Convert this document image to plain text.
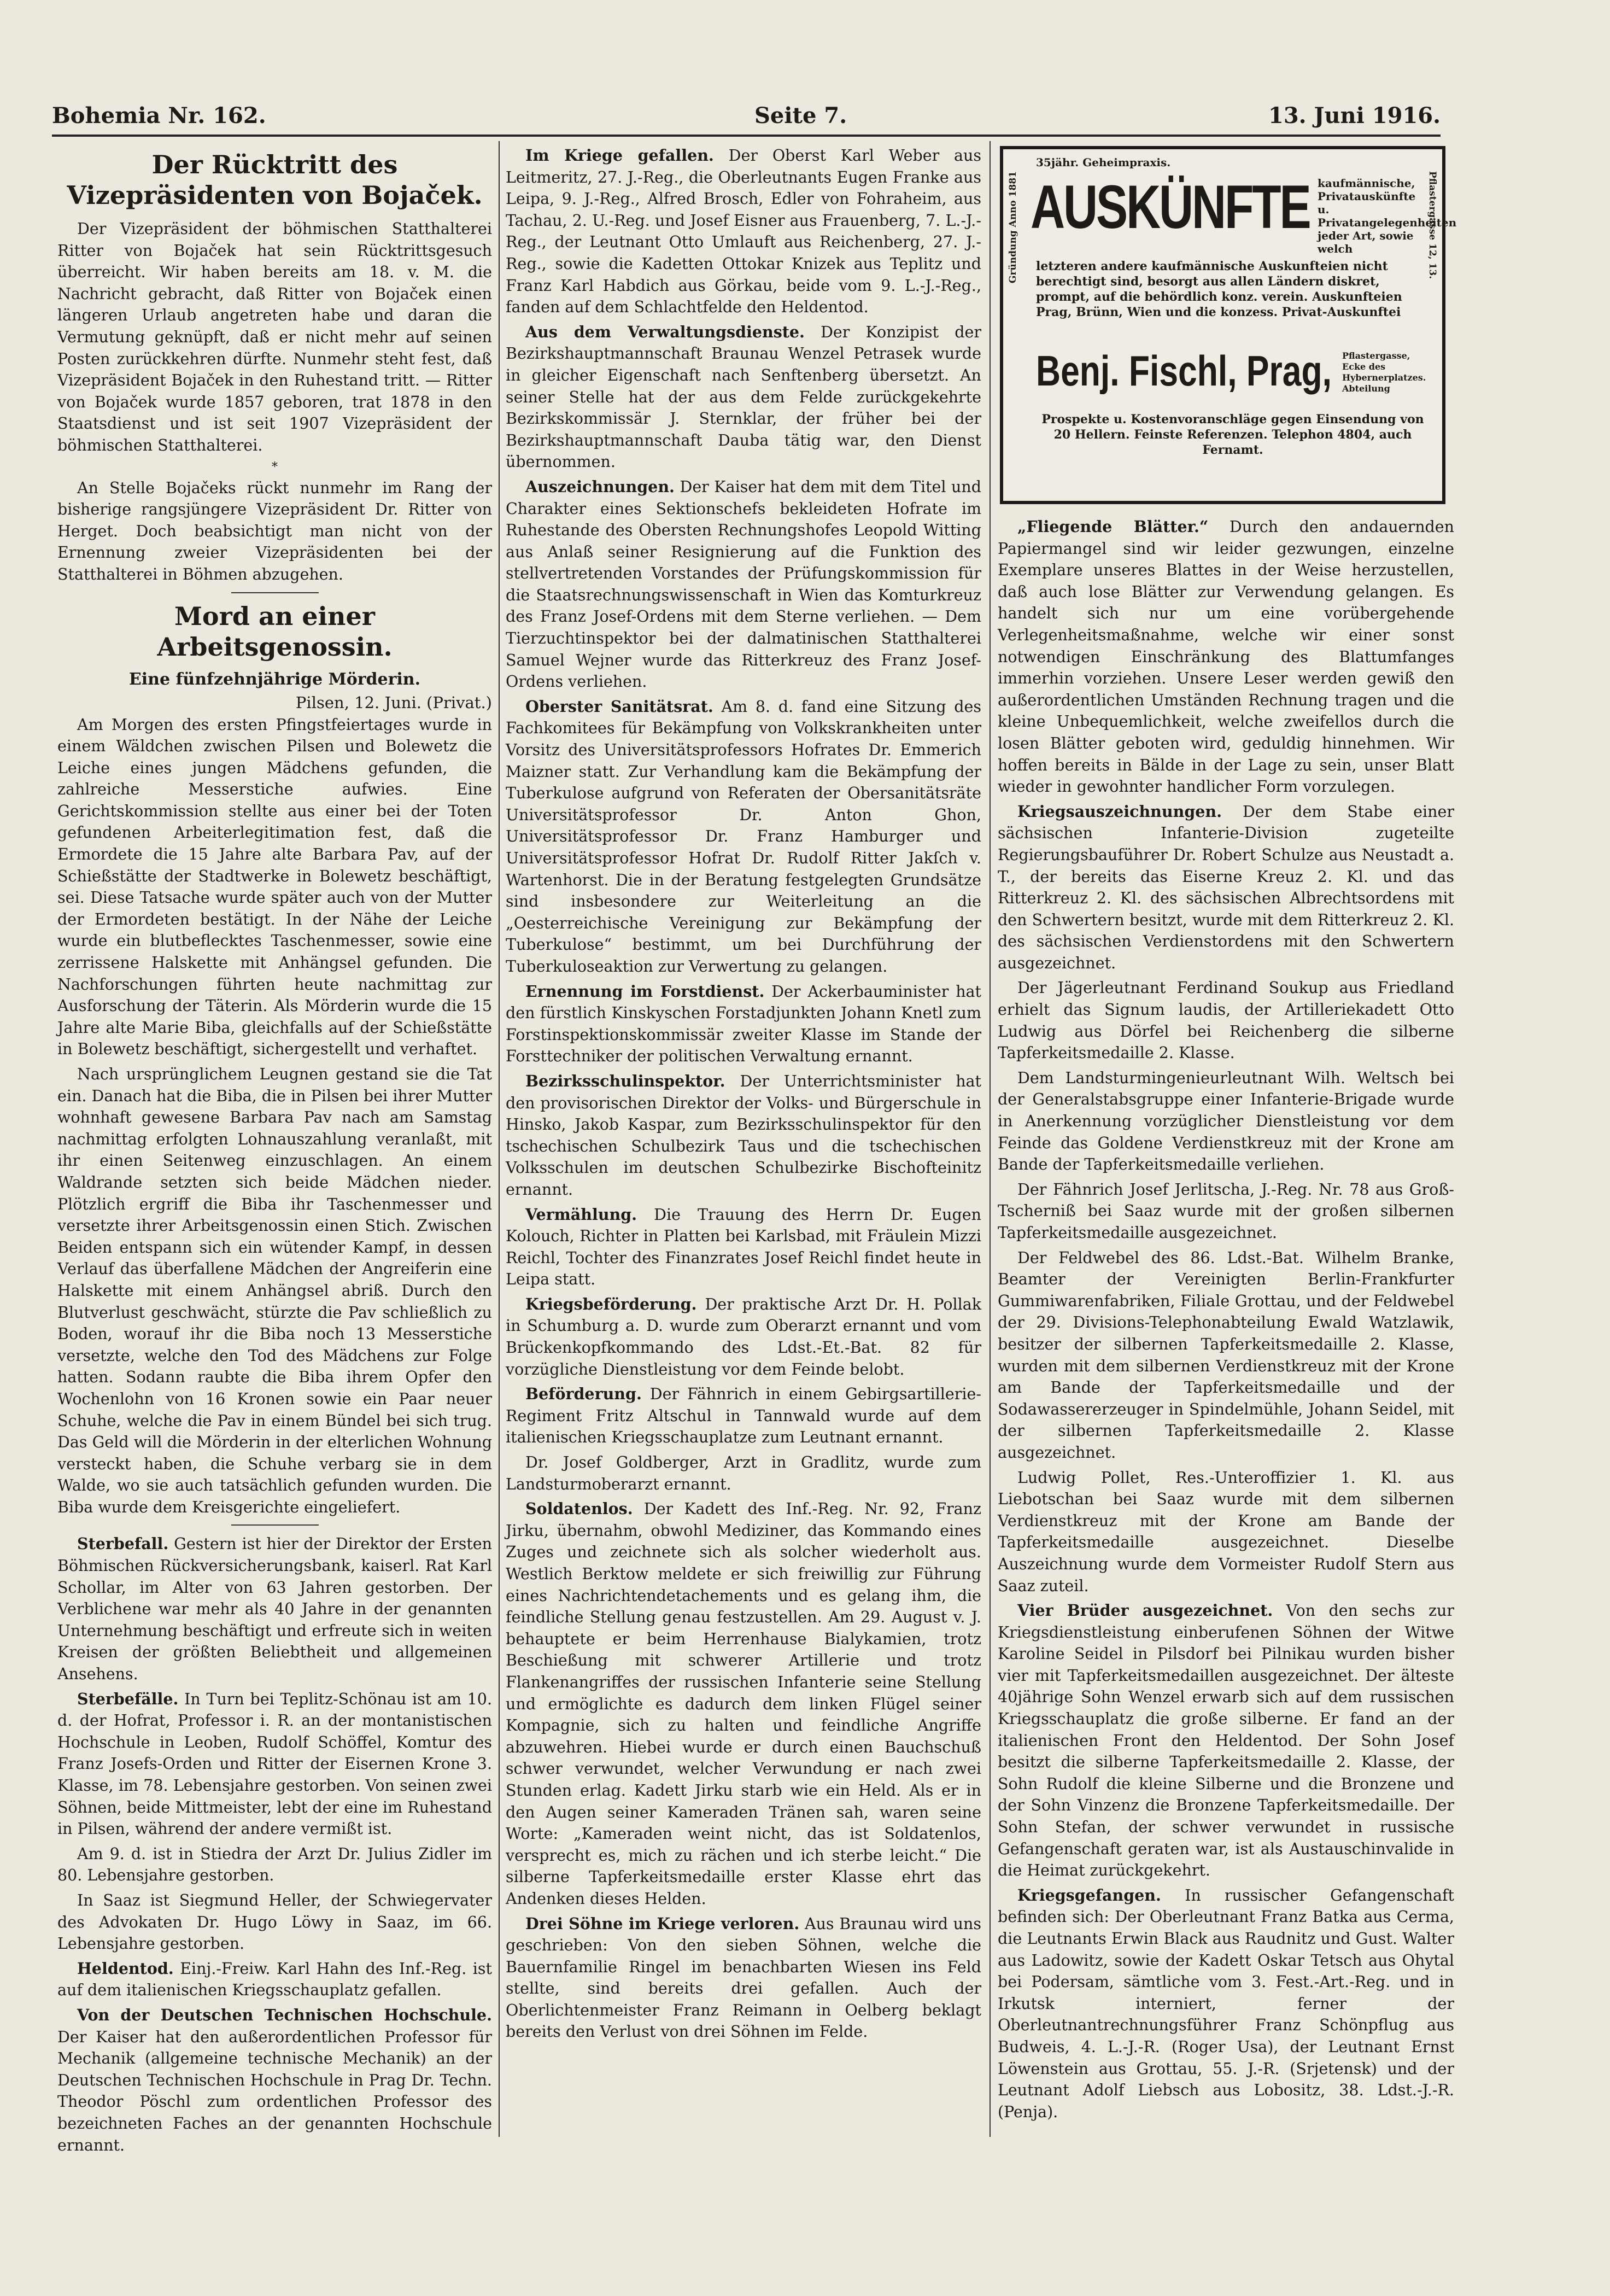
Bohemia Nr. 162.	Seite 7.	13. Juni 1916.
Der Rücktritt des Vizepräsidenten von Bojaček.

Der Vizepräsident der böhmischen Statthalterei Ritter von Bojaček hat sein Rücktrittsgesuch überreicht. Wir haben bereits am 18. v. M. die Nachricht gebracht, daß Ritter von Bojaček einen längeren Urlaub angetreten habe und daran die Vermutung geknüpft, daß er nicht mehr auf seinen Posten zurückkehren dürfte. Nunmehr steht fest, daß Vizepräsident Bojaček in den Ruhestand tritt. — Ritter von Bojaček wurde 1857 geboren, trat 1878 in den Staatsdienst und ist seit 1907 Vizepräsident der böhmischen Statthalterei.

*

An Stelle Bojačeks rückt nunmehr im Rang der bisherige rangsjüngere Vizepräsident Dr. Ritter von Herget. Doch beabsichtigt man nicht von der Ernennung zweier Vizepräsidenten bei der Statthalterei in Böhmen abzugehen.

Mord an einer Arbeitsgenossin.
Eine fünfzehnjährige Mörderin.
Pilsen, 12. Juni. (Privat.)

Am Morgen des ersten Pfingstfeiertages wurde in einem Wäldchen zwischen Pilsen und Bolewetz die Leiche eines jungen Mädchens gefunden, die zahlreiche Messerstiche aufwies. Eine Gerichtskommission stellte aus einer bei der Toten gefundenen Arbeiterlegitimation fest, daß die Ermordete die 15 Jahre alte Barbara Pav, auf der Schießstätte der Stadtwerke in Bolewetz beschäftigt, sei. Diese Tatsache wurde später auch von der Mutter der Ermordeten bestätigt. In der Nähe der Leiche wurde ein blutbeflecktes Taschenmesser, sowie eine zerrissene Halskette mit Anhängsel gefunden. Die Nachforschungen führten heute nachmittag zur Ausforschung der Täterin. Als Mörderin wurde die 15 Jahre alte Marie Biba, gleichfalls auf der Schießstätte in Bolewetz beschäftigt, sichergestellt und verhaftet.

Nach ursprünglichem Leugnen gestand sie die Tat ein. Danach hat die Biba, die in Pilsen bei ihrer Mutter wohnhaft gewesene Barbara Pav nach am Samstag nachmittag erfolgten Lohnauszahlung veranlaßt, mit ihr einen Seitenweg einzuschlagen. An einem Waldrande setzten sich beide Mädchen nieder. Plötzlich ergriff die Biba ihr Taschenmesser und versetzte ihrer Arbeitsgenossin einen Stich. Zwischen Beiden entspann sich ein wütender Kampf, in dessen Verlauf das überfallene Mädchen der Angreiferin eine Halskette mit einem Anhängsel abriß. Durch den Blutverlust geschwächt, stürzte die Pav schließlich zu Boden, worauf ihr die Biba noch 13 Messerstiche versetzte, welche den Tod des Mädchens zur Folge hatten. Sodann raubte die Biba ihrem Opfer den Wochenlohn von 16 Kronen sowie ein Paar neuer Schuhe, welche die Pav in einem Bündel bei sich trug. Das Geld will die Mörderin in der elterlichen Wohnung versteckt haben, die Schuhe verbarg sie in dem Walde, wo sie auch tatsächlich gefunden wurden. Die Biba wurde dem Kreisgerichte eingeliefert.

Sterbefall. Gestern ist hier der Direktor der Ersten Böhmischen Rückversicherungsbank, kaiserl. Rat Karl Schollar, im Alter von 63 Jahren gestorben. Der Verblichene war mehr als 40 Jahre in der genannten Unternehmung beschäftigt und erfreute sich in weiten Kreisen der größten Beliebtheit und allgemeinen Ansehens.

Sterbefälle. In Turn bei Teplitz-Schönau ist am 10. d. der Hofrat, Professor i. R. an der montanistischen Hochschule in Leoben, Rudolf Schöffel, Komtur des Franz Josefs-Orden und Ritter der Eisernen Krone 3. Klasse, im 78. Lebensjahre gestorben. Von seinen zwei Söhnen, beide Mittmeister, lebt der eine im Ruhestand in Pilsen, während der andere vermißt ist.

Am 9. d. ist in Stiedra der Arzt Dr. Julius Zidler im 80. Lebensjahre gestorben.

In Saaz ist Siegmund Heller, der Schwiegervater des Advokaten Dr. Hugo Löwy in Saaz, im 66. Lebensjahre gestorben.

Heldentod. Einj.-Freiw. Karl Hahn des Inf.-Reg. ist auf dem italienischen Kriegsschauplatz gefallen.

Von der Deutschen Technischen Hochschule. Der Kaiser hat den außerordentlichen Professor für Mechanik (allgemeine technische Mechanik) an der Deutschen Technischen Hochschule in Prag Dr. Techn. Theodor Pöschl zum ordentlichen Professor des bezeichneten Faches an der genannten Hochschule ernannt.

Im Kriege gefallen. Der Oberst Karl Weber aus Leitmeritz, 27. J.-Reg., die Oberleutnants Eugen Franke aus Leipa, 9. J.-Reg., Alfred Brosch, Edler von Fohraheim, aus Tachau, 2. U.-Reg. und Josef Eisner aus Frauenberg, 7. L.-J.-Reg., der Leutnant Otto Umlauft aus Reichenberg, 27. J.-Reg., sowie die Kadetten Ottokar Knizek aus Teplitz und Franz Karl Habdich aus Görkau, beide vom 9. L.-J.-Reg., fanden auf dem Schlachtfelde den Heldentod.

Aus dem Verwaltungsdienste. Der Konzipist der Bezirkshauptmannschaft Braunau Wenzel Petrasek wurde in gleicher Eigenschaft nach Senftenberg übersetzt. An seiner Stelle hat der aus dem Felde zurückgekehrte Bezirkskommissär J. Sternklar, der früher bei der Bezirkshauptmannschaft Dauba tätig war, den Dienst übernommen.

Auszeichnungen. Der Kaiser hat dem mit dem Titel und Charakter eines Sektionschefs bekleideten Hofrate im Ruhestande des Obersten Rechnungshofes Leopold Witting aus Anlaß seiner Resignierung auf die Funktion des stellvertretenden Vorstandes der Prüfungskommission für die Staatsrechnungswissenschaft in Wien das Komturkreuz des Franz Josef-Ordens mit dem Sterne verliehen. — Dem Tierzuchtinspektor bei der dalmatinischen Statthalterei Samuel Wejner wurde das Ritterkreuz des Franz Josef-Ordens verliehen.

Oberster Sanitätsrat. Am 8. d. fand eine Sitzung des Fachkomitees für Bekämpfung von Volkskrankheiten unter Vorsitz des Universitätsprofessors Hofrates Dr. Emmerich Maizner statt. Zur Verhandlung kam die Bekämpfung der Tuberkulose aufgrund von Referaten der Obersanitätsräte Universitätsprofessor Dr. Anton Ghon, Universitätsprofessor Dr. Franz Hamburger und Universitätsprofessor Hofrat Dr. Rudolf Ritter Jakſch v. Wartenhorst. Die in der Beratung festgelegten Grundsätze sind insbesondere zur Weiterleitung an die „Oesterreichische Vereinigung zur Bekämpfung der Tuberkulose“ bestimmt, um bei Durchführung der Tuberkuloseaktion zur Verwertung zu gelangen.

Ernennung im Forstdienst. Der Ackerbauminister hat den fürstlich Kinskyschen Forstadjunkten Johann Knetl zum Forstinspektionskommissär zweiter Klasse im Stande der Forsttechniker der politischen Verwaltung ernannt.

Bezirksschulinspektor. Der Unterrichtsminister hat den provisorischen Direktor der Volks- und Bürgerschule in Hinsko, Jakob Kaspar, zum Bezirksschulinspektor für den tschechischen Schulbezirk Taus und die tschechischen Volksschulen im deutschen Schulbezirke Bischofteinitz ernannt.

Vermählung. Die Trauung des Herrn Dr. Eugen Kolouch, Richter in Platten bei Karlsbad, mit Fräulein Mizzi Reichl, Tochter des Finanzrates Josef Reichl findet heute in Leipa statt.

Kriegsbeförderung. Der praktische Arzt Dr. H. Pollak in Schumburg a. D. wurde zum Oberarzt ernannt und vom Brückenkopfkommando des Ldst.-Et.-Bat. 82 für vorzügliche Dienstleistung vor dem Feinde belobt.

Beförderung. Der Fähnrich in einem Gebirgsartillerie-Regiment Fritz Altschul in Tannwald wurde auf dem italienischen Kriegsschauplatze zum Leutnant ernannt.

Dr. Josef Goldberger, Arzt in Gradlitz, wurde zum Landsturmoberarzt ernannt.

Soldatenlos. Der Kadett des Inf.-Reg. Nr. 92, Franz Jirku, übernahm, obwohl Mediziner, das Kommando eines Zuges und zeichnete sich als solcher wiederholt aus. Westlich Berktow meldete er sich freiwillig zur Führung eines Nachrichtendetachements und es gelang ihm, die feindliche Stellung genau festzustellen. Am 29. August v. J. behauptete er beim Herrenhause Bialykamien, trotz Beschießung mit schwerer Artillerie und trotz Flankenangriffes der russischen Infanterie seine Stellung und ermöglichte es dadurch dem linken Flügel seiner Kompagnie, sich zu halten und feindliche Angriffe abzuwehren. Hiebei wurde er durch einen Bauchschuß schwer verwundet, welcher Verwundung er nach zwei Stunden erlag. Kadett Jirku starb wie ein Held. Als er in den Augen seiner Kameraden Tränen sah, waren seine Worte: „Kameraden weint nicht, das ist Soldatenlos, versprecht es, mich zu rächen und ich sterbe leicht.“ Die silberne Tapferkeitsmedaille erster Klasse ehrt das Andenken dieses Helden.

Drei Söhne im Kriege verloren. Aus Braunau wird uns geschrieben: Von den sieben Söhnen, welche die Bauernfamilie Ringel im benachbarten Wiesen ins Feld stellte, sind bereits drei gefallen. Auch der Oberlichtenmeister Franz Reimann in Oelberg beklagt bereits den Verlust von drei Söhnen im Felde.

Gründung Anno 1881	Pflastergasse 12, 13.
35jähr. Geheimpraxis.
AUSKÜNFTE kaufmännische, Privatauskünfte u. Privatangelegenheiten jeder Art, sowie welch
letzteren andere kaufmännische Auskunfteien nicht berechtigt sind, besorgt aus allen Ländern diskret, prompt, auf die behördlich konz. verein. Auskunfteien Prag, Brünn, Wien und die konzess. Privat-Auskunftei
Benj. Fischl, Prag, Pflastergasse, Ecke des Hybernerplatzes. Abteilung
Prospekte u. Kostenvoranschläge gegen Einsendung von 20 Hellern. Feinste Referenzen. Telephon 4804, auch Fernamt.

„Fliegende Blätter.“ Durch den andauernden Papiermangel sind wir leider gezwungen, einzelne Exemplare unseres Blattes in der Weise herzustellen, daß auch lose Blätter zur Verwendung gelangen. Es handelt sich nur um eine vorübergehende Verlegenheitsmaßnahme, welche wir einer sonst notwendigen Einschränkung des Blattumfanges immerhin vorziehen. Unsere Leser werden gewiß den außerordentlichen Umständen Rechnung tragen und die kleine Unbequemlichkeit, welche zweifellos durch die losen Blätter geboten wird, geduldig hinnehmen. Wir hoffen bereits in Bälde in der Lage zu sein, unser Blatt wieder in gewohnter handlicher Form vorzulegen.

Kriegsauszeichnungen. Der dem Stabe einer sächsischen Infanterie-Division zugeteilte Regierungsbauführer Dr. Robert Schulze aus Neustadt a. T., der bereits das Eiserne Kreuz 2. Kl. und das Ritterkreuz 2. Kl. des sächsischen Albrechtsordens mit den Schwertern besitzt, wurde mit dem Ritterkreuz 2. Kl. des sächsischen Verdienstordens mit den Schwertern ausgezeichnet.

Der Jägerleutnant Ferdinand Soukup aus Friedland erhielt das Signum laudis, der Artilleriekadett Otto Ludwig aus Dörfel bei Reichenberg die silberne Tapferkeitsmedaille 2. Klasse.

Dem Landsturmingenieurleutnant Wilh. Weltsch bei der Generalstabsgruppe einer Infanterie-Brigade wurde in Anerkennung vorzüglicher Dienstleistung vor dem Feinde das Goldene Verdienstkreuz mit der Krone am Bande der Tapferkeitsmedaille verliehen.

Der Fähnrich Josef Jerlitscha, J.-Reg. Nr. 78 aus Groß-Tscherniß bei Saaz wurde mit der großen silbernen Tapferkeitsmedaille ausgezeichnet.

Der Feldwebel des 86. Ldst.-Bat. Wilhelm Branke, Beamter der Vereinigten Berlin-Frankfurter Gummiwarenfabriken, Filiale Grottau, und der Feldwebel der 29. Divisions-Telephonabteilung Ewald Watzlawik, besitzer der silbernen Tapferkeitsmedaille 2. Klasse, wurden mit dem silbernen Verdienstkreuz mit der Krone am Bande der Tapferkeitsmedaille und der Sodawassererzeuger in Spindelmühle, Johann Seidel, mit der silbernen Tapferkeitsmedaille 2. Klasse ausgezeichnet.

Ludwig Pollet, Res.-Unteroffizier 1. Kl. aus Liebotschan bei Saaz wurde mit dem silbernen Verdienstkreuz mit der Krone am Bande der Tapferkeitsmedaille ausgezeichnet. Dieselbe Auszeichnung wurde dem Vormeister Rudolf Stern aus Saaz zuteil.

Vier Brüder ausgezeichnet. Von den sechs zur Kriegsdienstleistung einberufenen Söhnen der Witwe Karoline Seidel in Pilsdorf bei Pilnikau wurden bisher vier mit Tapferkeitsmedaillen ausgezeichnet. Der älteste 40jährige Sohn Wenzel erwarb sich auf dem russischen Kriegsschauplatz die große silberne. Er fand an der italienischen Front den Heldentod. Der Sohn Josef besitzt die silberne Tapferkeitsmedaille 2. Klasse, der Sohn Rudolf die kleine Silberne und die Bronzene und der Sohn Vinzenz die Bronzene Tapferkeitsmedaille. Der Sohn Stefan, der schwer verwundet in russische Gefangenschaft geraten war, ist als Austauschinvalide in die Heimat zurückgekehrt.

Kriegsgefangen. In russischer Gefangenschaft befinden sich: Der Oberleutnant Franz Batka aus Cerma, die Leutnants Erwin Black aus Raudnitz und Gust. Walter aus Ladowitz, sowie der Kadett Oskar Tetsch aus Ohytal bei Podersam, sämtliche vom 3. Fest.-Art.-Reg. und in Irkutsk interniert, ferner der Oberleutnantrechnungsführer Franz Schönpflug aus Budweis, 4. L.-J.-R. (Roger Usa), der Leutnant Ernst Löwenstein aus Grottau, 55. J.-R. (Srjetensk) und der Leutnant Adolf Liebsch aus Lobositz, 38. Ldst.-J.-R. (Penja).
